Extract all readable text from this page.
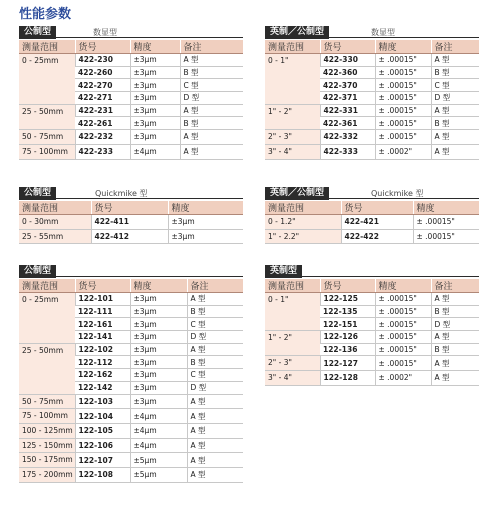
性能参数
公制型	数显型
测量范围	货号	精度	备注
0 - 25mm	422-230	±3μm	A 型
	422-260	±3μm	B 型
	422-270	±3μm	C 型
	422-271	±3μm	D 型
25 - 50mm	422-231	±3μm	A 型
	422-261	±3μm	B 型
50 - 75mm	422-232	±3μm	A 型
75 - 100mm	422-233	±4μm	A 型
英制／公制型	数显型
测量范围	货号	精度	备注
0 - 1"	422-330	± .00015"	A 型
	422-360	± .00015"	B 型
	422-370	± .00015"	C 型
	422-371	± .00015"	D 型
1" - 2"	422-331	± .00015"	A 型
	422-361	± .00015"	B 型
2" - 3"	422-332	± .00015"	A 型
3" - 4"	422-333	± .0002"	A 型
公制型	Quickmike 型
测量范围	货号	精度
0 - 30mm	422-411	±3μm
25 - 55mm	422-412	±3μm
英制／公制型	Quickmike 型
测量范围	货号	精度
0 - 1.2"	422-421	± .00015"
1" - 2.2"	422-422	± .00015"
公制型
测量范围	货号	精度	备注
0 - 25mm	122-101	±3μm	A 型
	122-111	±3μm	B 型
	122-161	±3μm	C 型
	122-141	±3μm	D 型
25 - 50mm	122-102	±3μm	A 型
	122-112	±3μm	B 型
	122-162	±3μm	C 型
	122-142	±3μm	D 型
50 - 75mm	122-103	±3μm	A 型
75 - 100mm	122-104	±4μm	A 型
100 - 125mm	122-105	±4μm	A 型
125 - 150mm	122-106	±4μm	A 型
150 - 175mm	122-107	±5μm	A 型
175 - 200mm	122-108	±5μm	A 型
英制型
测量范围	货号	精度	备注
0 - 1"	122-125	± .00015"	A 型
	122-135	± .00015"	B 型
	122-151	± .00015"	D 型
1" - 2"	122-126	± .00015"	A 型
	122-136	± .00015"	B 型
2" - 3"	122-127	± .00015"	A 型
3" - 4"	122-128	± .0002"	A 型
